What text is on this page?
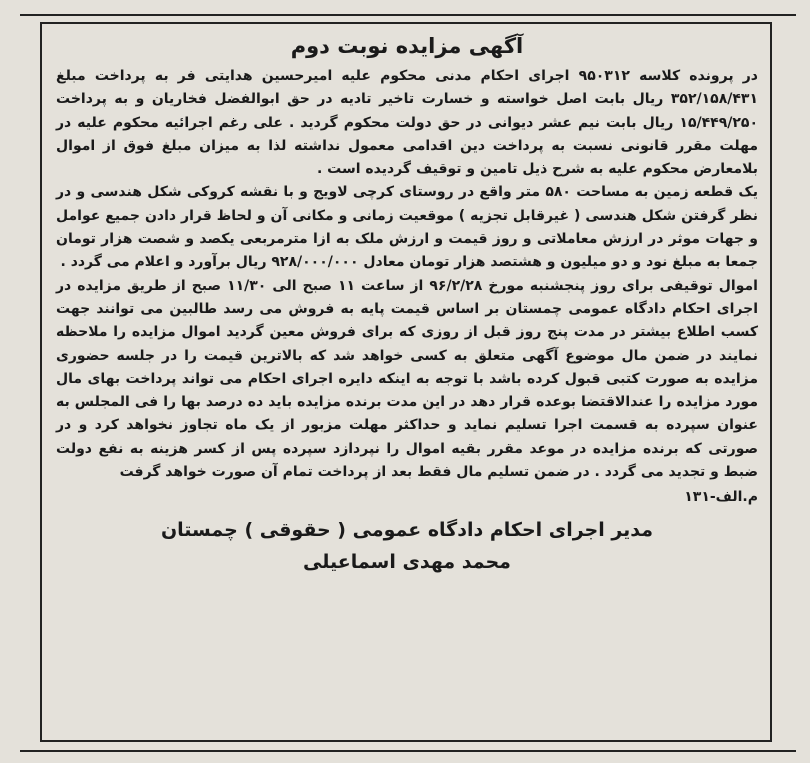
آگهی مزایده نوبت دوم

در پرونده کلاسه ۹۵۰۳۱۲ اجرای احکام مدنی محکوم علیه امیرحسین هدایتی فر به پرداخت مبلغ ۳۵۲/۱۵۸/۴۳۱ ریال بابت اصل خواسته و خسارت تاخیر تادیه در حق ابوالفضل فخاریان و به پرداخت ۱۵/۴۴۹/۲۵۰ ریال بابت نیم عشر دیوانی در حق دولت محکوم گردید . علی رغم اجرائیه محکوم علیه در مهلت مقرر قانونی نسبت به پرداخت دین اقدامی معمول نداشته لذا به میزان مبلغ فوق از اموال بلامعارض محکوم علیه به شرح ذیل تامین و توقیف گردیده است .

یک قطعه زمین به مساحت ۵۸۰ متر واقع در روستای کرچی لاویج و با نقشه کروکی شکل هندسی و در نظر گرفتن شکل هندسی ( غیرقابل تجزیه ) موقعیت زمانی و مکانی آن و لحاظ قرار دادن جمیع عوامل و جهات موثر در ارزش معاملاتی و روز قیمت و ارزش ملک به ازا مترمربعی یکصد و شصت هزار تومان جمعا به مبلغ نود و دو میلیون و هشتصد هزار تومان معادل ۹۲۸/۰۰۰/۰۰۰ ریال برآورد و اعلام می گردد .

اموال توقیفی برای روز پنجشنبه مورخ ۹۶/۲/۲۸ از ساعت ۱۱ صبح الی ۱۱/۳۰ صبح از طریق مزایده در اجرای احکام دادگاه عمومی چمستان بر اساس قیمت پایه به فروش می رسد طالبین می توانند جهت کسب اطلاع بیشتر در مدت پنج روز قبل از روزی که برای فروش معین گردید اموال مزایده را ملاحظه نمایند در ضمن مال موضوع آگهی متعلق به کسی خواهد شد که بالاترین قیمت را در جلسه حضوری مزایده به صورت کتبی قبول کرده باشد با توجه به اینکه دایره اجرای احکام می تواند پرداخت بهای مال مورد مزایده را عندالاقتضا بوعده قرار دهد در این مدت برنده مزایده باید ده درصد بها را فی المجلس به عنوان سپرده به قسمت اجرا تسلیم نماید و حداکثر مهلت مزبور از یک ماه تجاوز نخواهد کرد و در صورتی که برنده مزایده در موعد مقرر بقیه اموال را نپردازد سپرده پس از کسر هزینه به نفع دولت ضبط و تجدید می گردد . در ضمن تسلیم مال فقط بعد از پرداخت تمام آن صورت خواهد گرفت

م.الف-۱۳۱

مدیر اجرای احکام دادگاه عمومی ( حقوقی ) چمستان

محمد مهدی اسماعیلی
